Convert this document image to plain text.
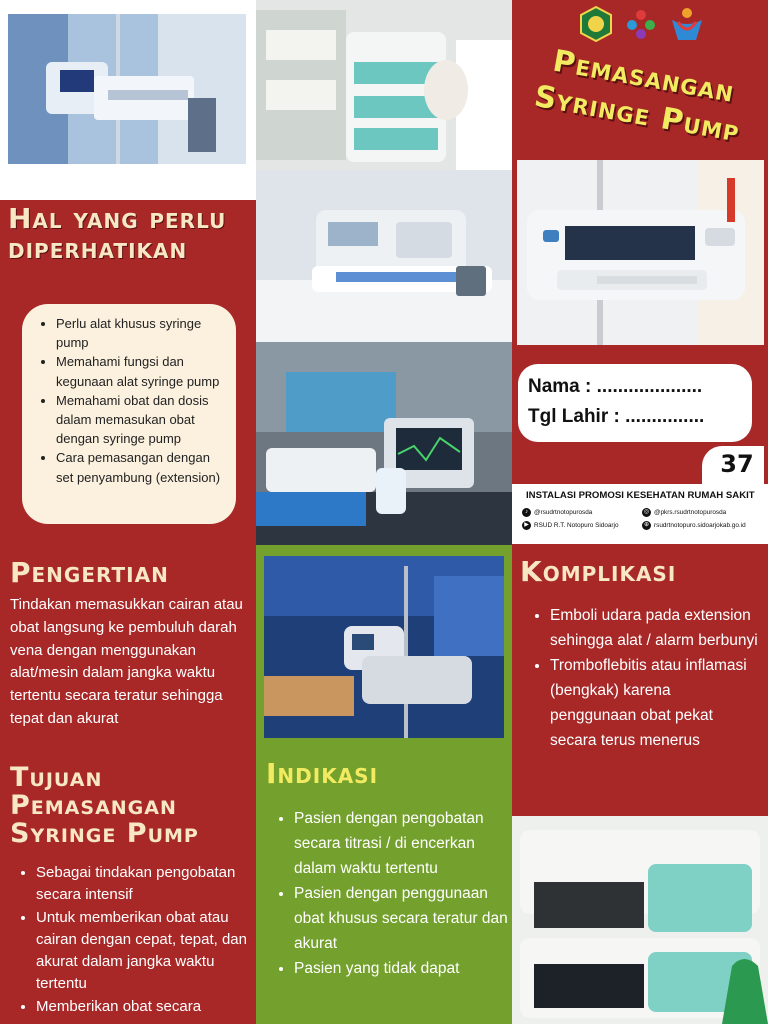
Pemasangan Syringe Pump
Hal yang perlu diperhatikan
• Perlu alat khusus syringe pump
• Memahami fungsi dan kegunaan alat syringe pump
• Memahami obat dan dosis dalam memasukan obat dengan syringe pump
• Cara pemasangan dengan set penyambung (extension)
Pengertian
Tindakan memasukkan cairan atau obat langsung ke pembuluh darah vena dengan menggunakan alat/mesin dalam jangka waktu tertentu secara teratur sehingga tepat dan akurat
Tujuan Pemasangan Syringe Pump
• Sebagai tindakan pengobatan secara intensif
• Untuk memberikan obat atau cairan dengan cepat, tepat, dan akurat dalam jangka waktu tertentu
• Memberikan obat secara
Indikasi
• Pasien dengan pengobatan secara titrasi / di encerkan dalam waktu tertentu
• Pasien dengan penggunaan obat khusus secara teratur dan akurat
• Pasien yang tidak dapat
Nama : ....................
Tgl Lahir : ...............
37
INSTALASI PROMOSI KESEHATAN RUMAH SAKIT
♪ @rsudrtnotopurosda	◎ @pkrs.rsudrtnotopurosda
▶ RSUD R.T. Notopuro Sidoarjo	⊕ rsudrtnotopuro.sidoarjokab.go.id
Komplikasi
• Emboli udara pada extension sehingga alat / alarm berbunyi
• Tromboflebitis atau inflamasi (bengkak) karena penggunaan obat pekat secara terus menerus
